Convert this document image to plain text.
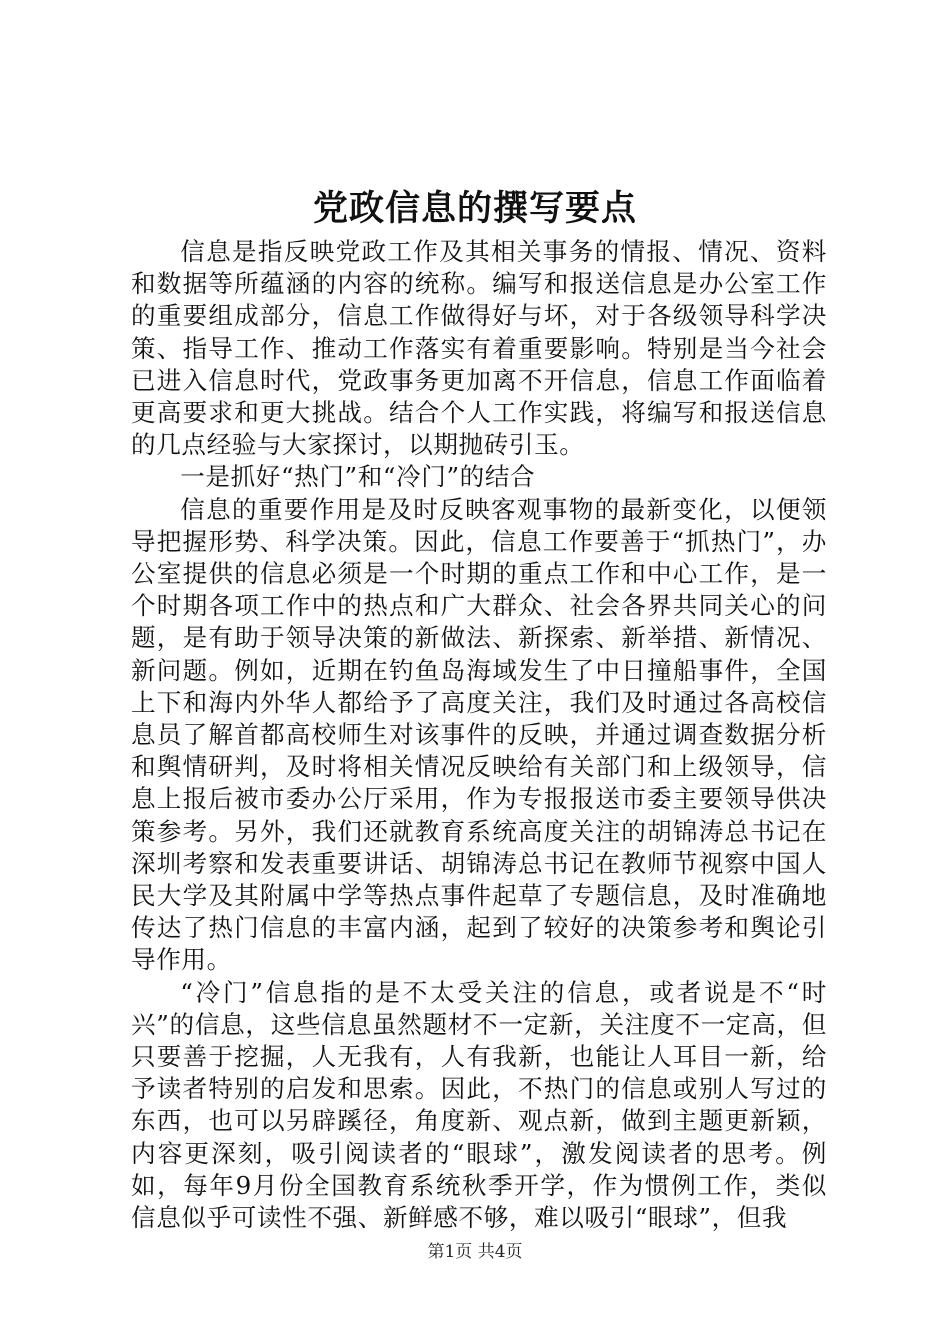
党政信息的撰写要点

信息是指反映党政工作及其相关事务的情报、情况、资料和数据等所蕴涵的内容的统称。编写和报送信息是办公室工作的重要组成部分，信息工作做得好与坏，对于各级领导科学决策、指导工作、推动工作落实有着重要影响。特别是当今社会已进入信息时代，党政事务更加离不开信息，信息工作面临着更高要求和更大挑战。结合个人工作实践，将编写和报送信息的几点经验与大家探讨，以期抛砖引玉。

一是抓好“热门”和“冷门”的结合

信息的重要作用是及时反映客观事物的最新变化，以便领导把握形势、科学决策。因此，信息工作要善于“抓热门”，办公室提供的信息必须是一个时期的重点工作和中心工作，是一个时期各项工作中的热点和广大群众、社会各界共同关心的问题，是有助于领导决策的新做法、新探索、新举措、新情况、新问题。例如，近期在钓鱼岛海域发生了中日撞船事件，全国上下和海内外华人都给予了高度关注，我们及时通过各高校信息员了解首都高校师生对该事件的反映，并通过调查数据分析和舆情研判，及时将相关情况反映给有关部门和上级领导，信息上报后被市委办公厅采用，作为专报报送市委主要领导供决策参考。另外，我们还就教育系统高度关注的胡锦涛总书记在深圳考察和发表重要讲话、胡锦涛总书记在教师节视察中国人民大学及其附属中学等热点事件起草了专题信息，及时准确地传达了热门信息的丰富内涵，起到了较好的决策参考和舆论引导作用。

“冷门”信息指的是不太受关注的信息，或者说是不“时兴”的信息，这些信息虽然题材不一定新，关注度不一定高，但只要善于挖掘，人无我有，人有我新，也能让人耳目一新，给予读者特别的启发和思索。因此，不热门的信息或别人写过的东西，也可以另辟蹊径，角度新、观点新，做到主题更新颖，内容更深刻，吸引阅读者的“眼球”，激发阅读者的思考。例如，每年9月份全国教育系统秋季开学，作为惯例工作，类似信息似乎可读性不强、新鲜感不够，难以吸引“眼球”，但我

第1页 共4页
